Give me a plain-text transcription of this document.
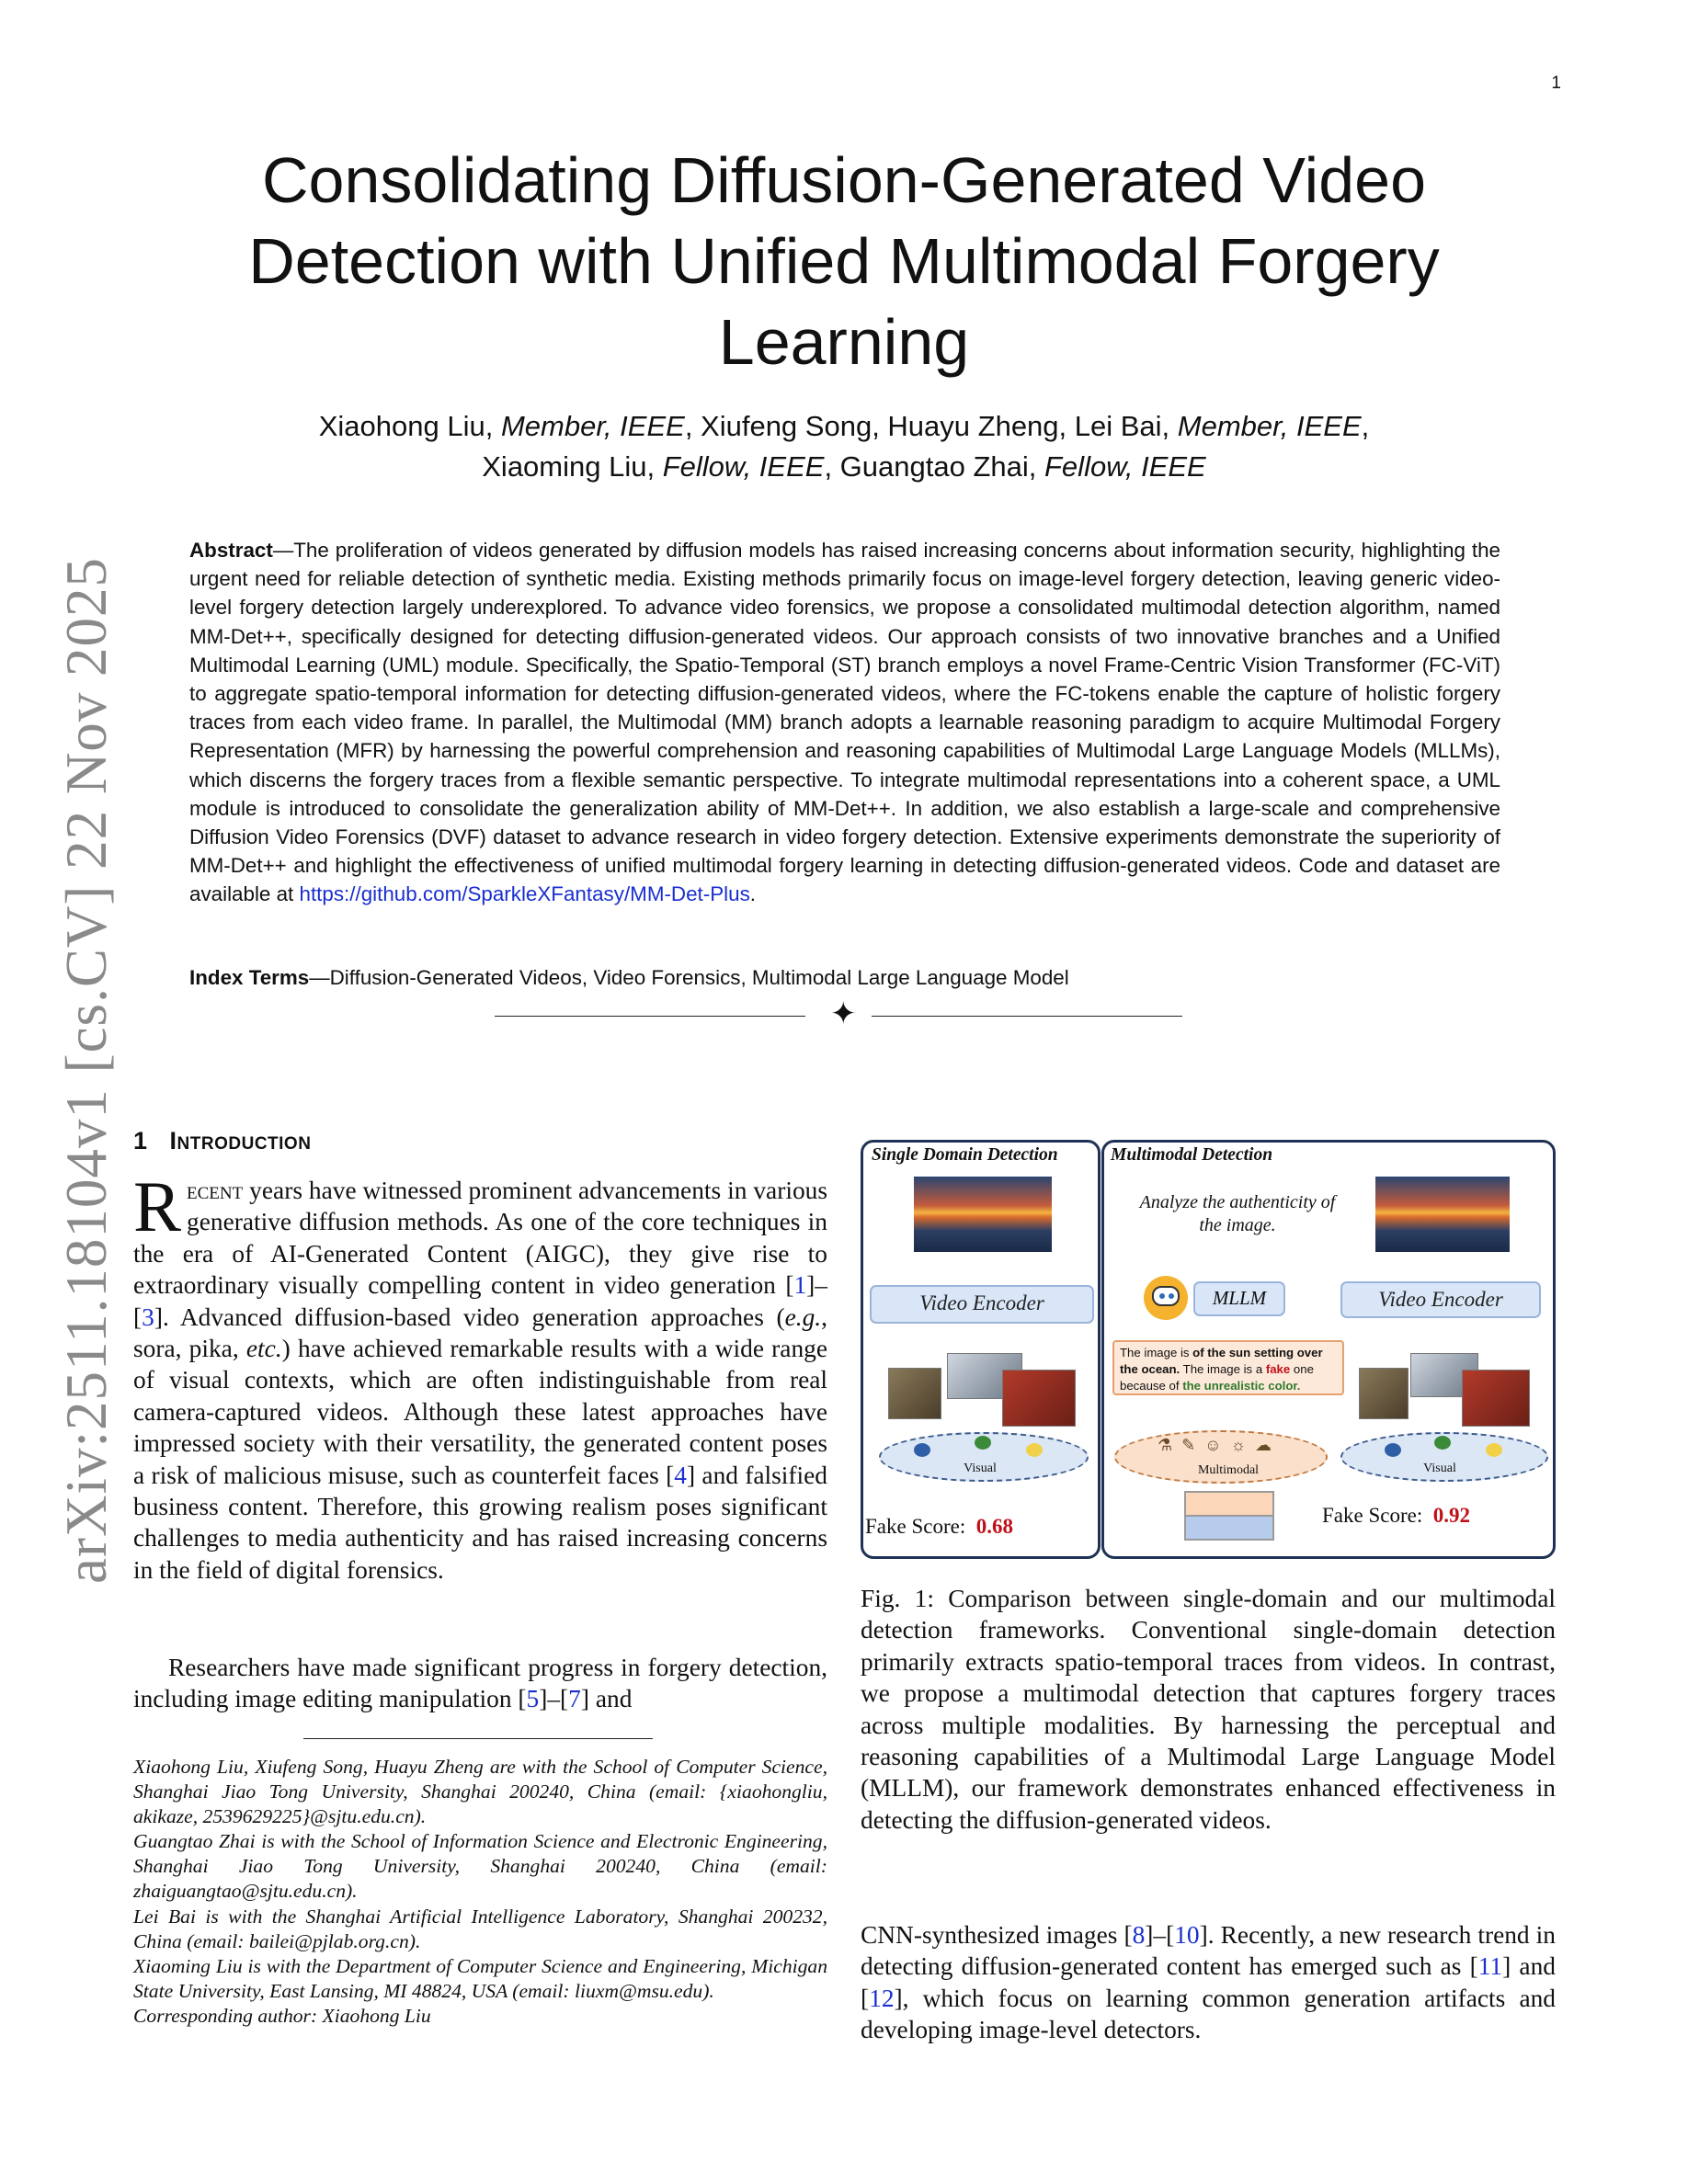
1
arXiv:2511.18104v1 [cs.CV] 22 Nov 2025
Consolidating Diffusion-Generated Video Detection with Unified Multimodal Forgery Learning
Xiaohong Liu, Member, IEEE, Xiufeng Song, Huayu Zheng, Lei Bai, Member, IEEE,
Xiaoming Liu, Fellow, IEEE, Guangtao Zhai, Fellow, IEEE
Abstract—The proliferation of videos generated by diffusion models has raised increasing concerns about information security, highlighting the urgent need for reliable detection of synthetic media. Existing methods primarily focus on image-level forgery detection, leaving generic video-level forgery detection largely underexplored. To advance video forensics, we propose a consolidated multimodal detection algorithm, named MM-Det++, specifically designed for detecting diffusion-generated videos. Our approach consists of two innovative branches and a Unified Multimodal Learning (UML) module. Specifically, the Spatio-Temporal (ST) branch employs a novel Frame-Centric Vision Transformer (FC-ViT) to aggregate spatio-temporal information for detecting diffusion-generated videos, where the FC-tokens enable the capture of holistic forgery traces from each video frame. In parallel, the Multimodal (MM) branch adopts a learnable reasoning paradigm to acquire Multimodal Forgery Representation (MFR) by harnessing the powerful comprehension and reasoning capabilities of Multimodal Large Language Models (MLLMs), which discerns the forgery traces from a flexible semantic perspective. To integrate multimodal representations into a coherent space, a UML module is introduced to consolidate the generalization ability of MM-Det++. In addition, we also establish a large-scale and comprehensive Diffusion Video Forensics (DVF) dataset to advance research in video forgery detection. Extensive experiments demonstrate the superiority of MM-Det++ and highlight the effectiveness of unified multimodal forgery learning in detecting diffusion-generated videos. Code and dataset are available at https://github.com/SparkleXFantasy/MM-Det-Plus.
Index Terms—Diffusion-Generated Videos, Video Forensics, Multimodal Large Language Model
✦
1 Introduction
Recent years have witnessed prominent advancements in various generative diffusion methods. As one of the core techniques in the era of AI-Generated Content (AIGC), they give rise to extraordinary visually compelling content in video generation [1]–[3]. Advanced diffusion-based video generation approaches (e.g., sora, pika, etc.) have achieved remarkable results with a wide range of visual contexts, which are often indistinguishable from real camera-captured videos. Although these latest approaches have impressed society with their versatility, the generated content poses a risk of malicious misuse, such as counterfeit faces [4] and falsified business content. Therefore, this growing realism poses significant challenges to media authenticity and has raised increasing concerns in the field of digital forensics.
Researchers have made significant progress in forgery detection, including image editing manipulation [5]–[7] and

Xiaohong Liu, Xiufeng Song, Huayu Zheng are with the School of Computer Science, Shanghai Jiao Tong University, Shanghai 200240, China (email: {xiaohongliu, akikaze, 2539629225}@sjtu.edu.cn).

Guangtao Zhai is with the School of Information Science and Electronic Engineering, Shanghai Jiao Tong University, Shanghai 200240, China (email: zhaiguangtao@sjtu.edu.cn).

Lei Bai is with the Shanghai Artificial Intelligence Laboratory, Shanghai 200232, China (email: bailei@pjlab.org.cn).

Xiaoming Liu is with the Department of Computer Science and Engineering, Michigan State University, East Lansing, MI 48824, USA (email: liuxm@msu.edu).

Corresponding author: Xiaohong Liu

Single Domain Detection
Video Encoder
Visual
Fake Score: 0.68
Multimodal Detection
Analyze the authenticity of the image.
MLLM	Video Encoder
The image is of the sun setting over the ocean. The image is a fake one because of the unrealistic color.
⚗✎☺☼☁
Multimodal	Visual
Fake Score: 0.92
Fig. 1: Comparison between single-domain and our multimodal detection frameworks. Conventional single-domain detection primarily extracts spatio-temporal traces from videos. In contrast, we propose a multimodal detection that captures forgery traces across multiple modalities. By harnessing the perceptual and reasoning capabilities of a Multimodal Large Language Model (MLLM), our framework demonstrates enhanced effectiveness in detecting the diffusion-generated videos.
CNN-synthesized images [8]–[10]. Recently, a new research trend in detecting diffusion-generated content has emerged such as [11] and [12], which focus on learning common generation artifacts and developing image-level detectors.
